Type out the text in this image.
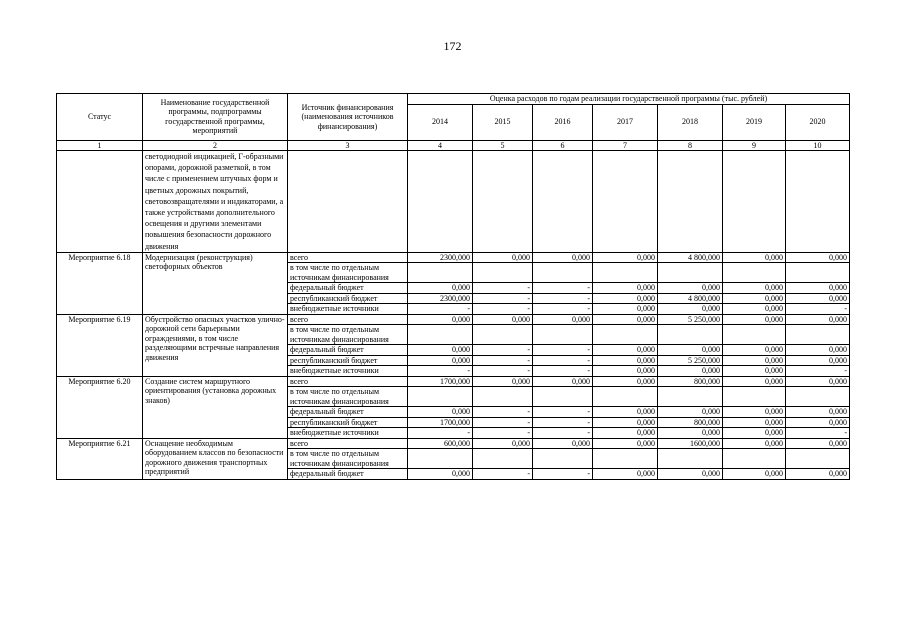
172
Статус	Наименование государственной программы, подпрограммы государственной программы, мероприятий	Источник финансирования (наименования источников финансирования)	Оценка расходов по годам реализации государственной программы (тыс. рублей)						
			2014	2015	2016	2017	2018	2019	2020
1	2	3	4	5	6	7	8	9	10
	светодиодной индикацией, Г-образными опорами, дорожной разметкой, в том числе с применением штучных форм и цветных дорожных покрытий, световозвращателями и индикаторами, а также устройствами дополнительного освещения и другими элементами повышения безопасности дорожного движения								
Мероприятие 6.18	Модернизация (реконструкция) светофорных объектов	всего	2300,000	0,000	0,000	0,000	4 800,000	0,000	0,000
		в том числе по отдельным источникам финансирования							
		федеральный бюджет	0,000	-	-	0,000	0,000	0,000	0,000
		республиканский бюджет	2300,000	-	-	0,000	4 800,000	0,000	0,000
		внебюджетные источники	-	-	-	0,000	0,000	0,000	-
Мероприятие 6.19	Обустройство опасных участков улично-дорожной сети барьерными ограждениями, в том числе разделяющими встречные направления движения	всего	0,000	0,000	0,000	0,000	5 250,000	0,000	0,000
		в том числе по отдельным источникам финансирования							
		федеральный бюджет	0,000	-	-	0,000	0,000	0,000	0,000
		республиканский бюджет	0,000	-	-	0,000	5 250,000	0,000	0,000
		внебюджетные источники	-	-	-	0,000	0,000	0,000	-
Мероприятие 6.20	Создание систем маршрутного ориентирования (установка дорожных знаков)	всего	1700,000	0,000	0,000	0,000	800,000	0,000	0,000
		в том числе по отдельным источникам финансирования							
		федеральный бюджет	0,000	-	-	0,000	0,000	0,000	0,000
		республиканский бюджет	1700,000	-	-	0,000	800,000	0,000	0,000
		внебюджетные источники	-	-	-	0,000	0,000	0,000	-
Мероприятие 6.21	Оснащение необходимым оборудованием классов по безопасности дорожного движения транспортных предприятий	всего	600,000	0,000	0,000	0,000	1600,000	0,000	0,000
		в том числе по отдельным источникам финансирования							
		федеральный бюджет	0,000	-	-	0,000	0,000	0,000	0,000
